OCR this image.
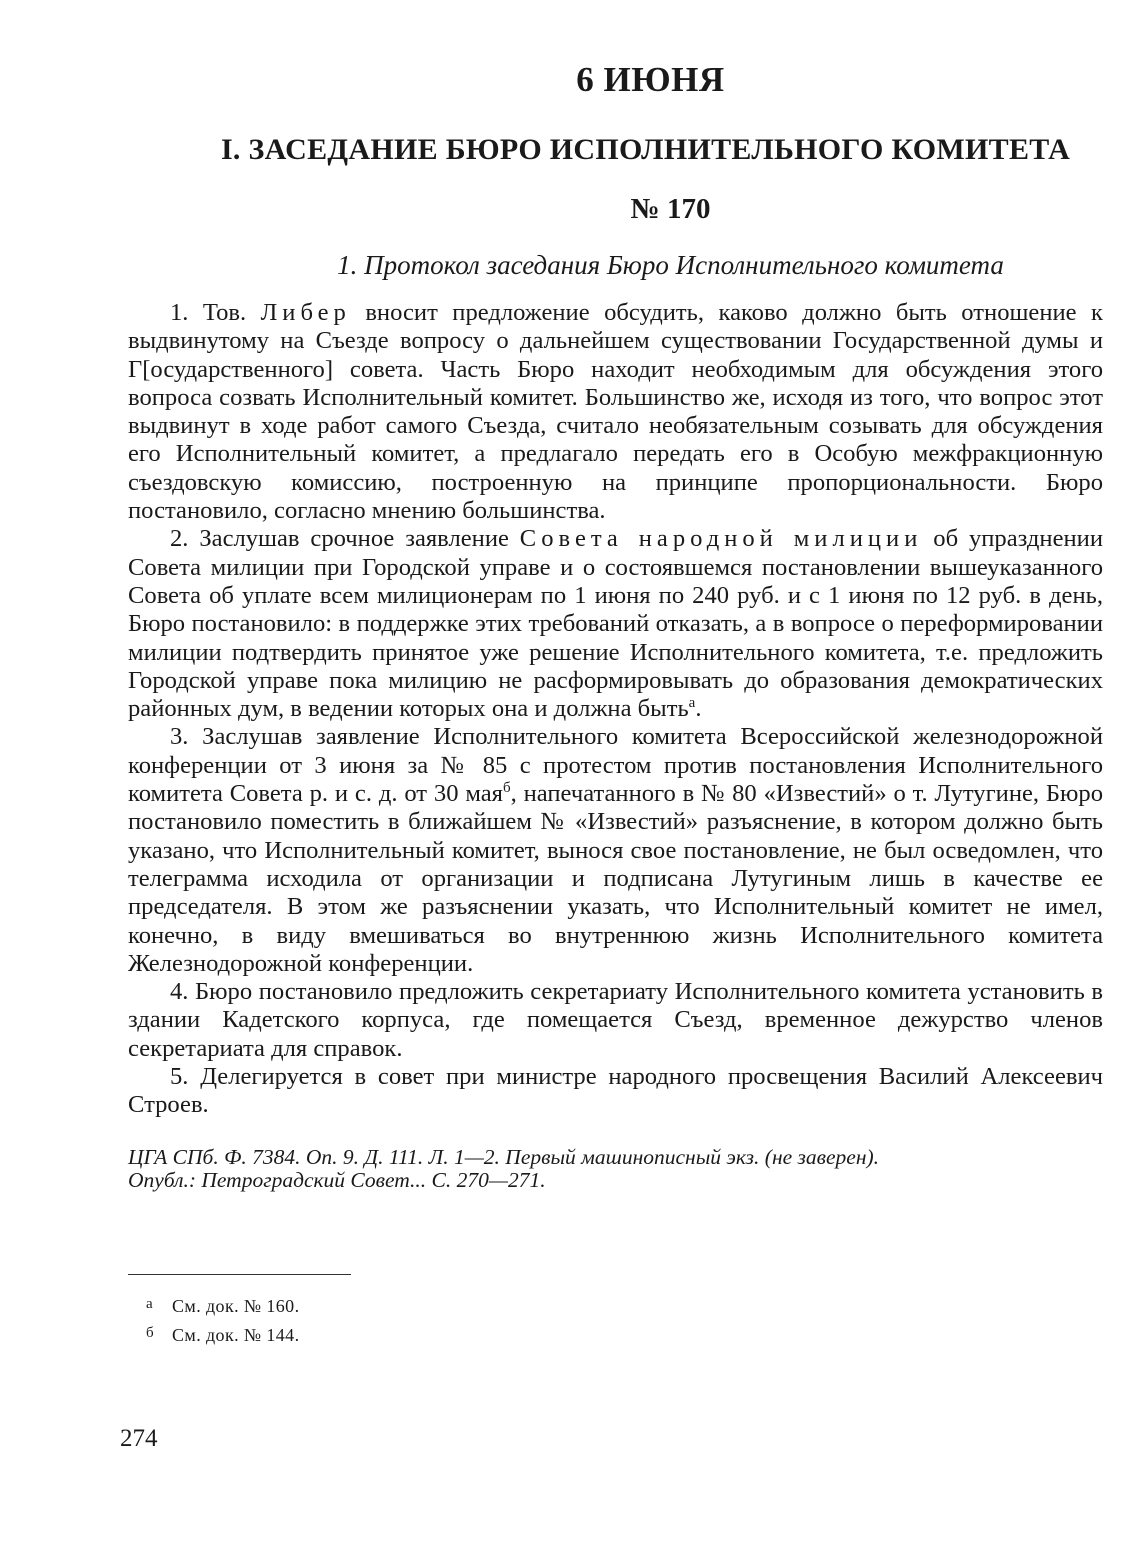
6 ИЮНЯ
I. ЗАСЕДАНИЕ БЮРО ИСПОЛНИТЕЛЬНОГО КОМИТЕТА
№ 170
1. Протокол заседания Бюро Исполнительного комитета

1. Тов. Либер вносит предложение обсудить, каково должно быть отношение к выдвинутому на Съезде вопросу о дальнейшем существовании Государственной думы и Г[осударственного] совета. Часть Бюро находит необходимым для обсуждения этого вопроса созвать Исполнительный комитет. Большинство же, исходя из того, что вопрос этот выдвинут в ходе работ самого Съезда, считало необязательным созывать для обсуждения его Исполнительный комитет, а предлагало передать его в Особую межфракционную съездовскую комиссию, построенную на принципе пропорциональности. Бюро постановило, согласно мнению большинства.

2. Заслушав срочное заявление Совета народной милиции об упразднении Совета милиции при Городской управе и о состоявшемся постановлении вышеуказанного Совета об уплате всем милиционерам по 1 июня по 240 руб. и с 1 июня по 12 руб. в день, Бюро постановило: в поддержке этих требований отказать, а в вопросе о переформировании милиции подтвердить принятое уже решение Исполнительного комитета, т.е. предложить Городской управе пока милицию не расформировывать до образования демократических районных дум, в ведении которых она и должна быть$^а$.

3. Заслушав заявление Исполнительного комитета Всероссийской железнодорожной конференции от 3 июня за № 85 с протестом против постановления Исполнительного комитета Совета р. и с. д. от 30 мая$^б$, напечатанного в № 80 «Известий» о т. Лутугине, Бюро постановило поместить в ближайшем № «Известий» разъяснение, в котором должно быть указано, что Исполнительный комитет, вынося свое постановление, не был осведомлен, что телеграмма исходила от организации и подписана Лутугиным лишь в качестве ее председателя. В этом же разъяснении указать, что Исполнительный комитет не имел, конечно, в виду вмешиваться во внутреннюю жизнь Исполнительного комитета Железнодорожной конференции.

4. Бюро постановило предложить секретариату Исполнительного комитета установить в здании Кадетского корпуса, где помещается Съезд, временное дежурство членов секретариата для справок.

5. Делегируется в совет при министре народного просвещения Василий Алексеевич Строев.

ЦГА СПб. Ф. 7384. Оп. 9. Д. 111. Л. 1—2. Первый машинописный экз. (не заверен).
Опубл.: Петроградский Совет... С. 270—271.
а См. док. № 160.
б См. док. № 144.
274
